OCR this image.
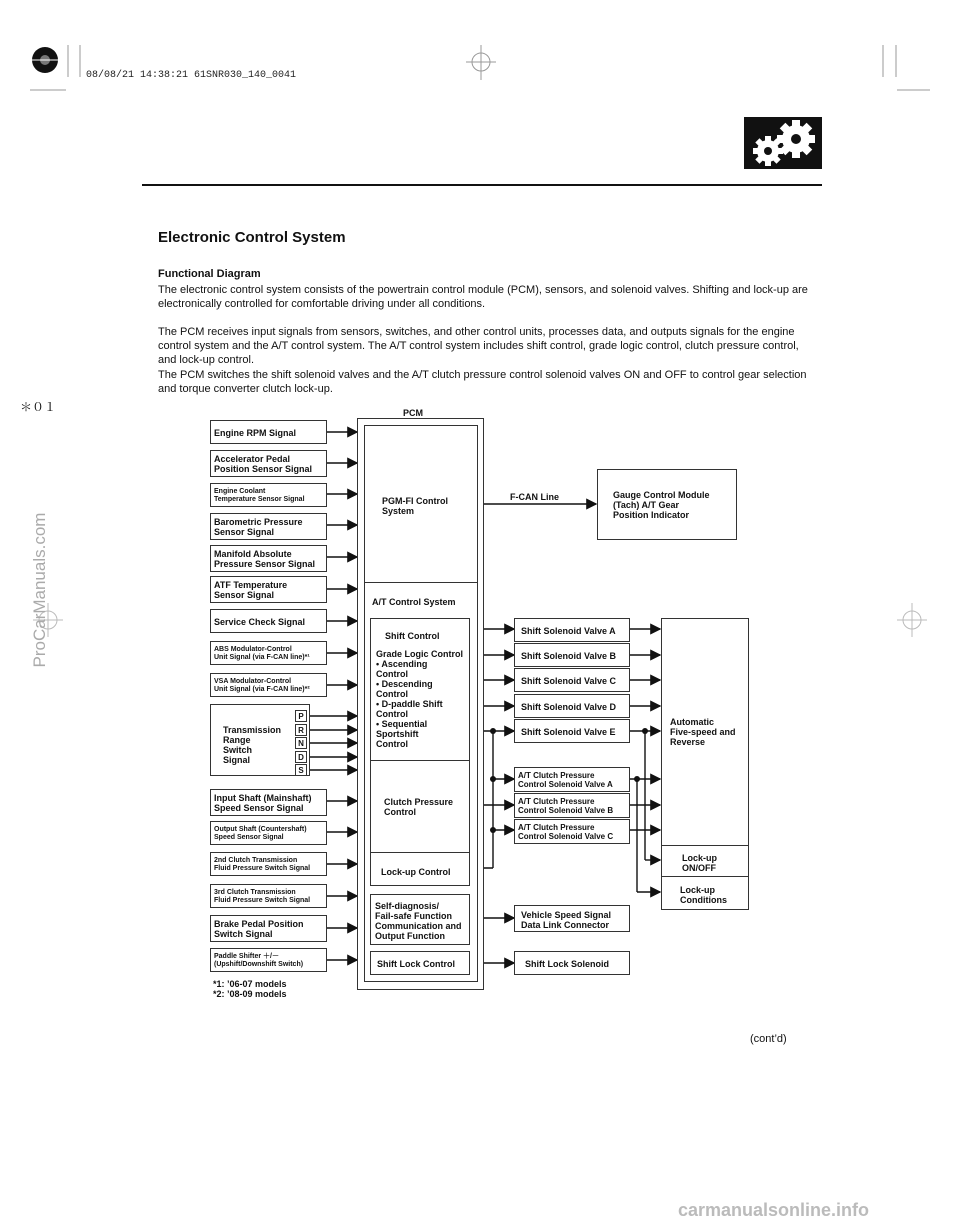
08/08/21 14:38:21 61SNR030_140_0041
＊０１
Electronic Control System
Functional Diagram

The electronic control system consists of the powertrain control module (PCM), sensors, and solenoid valves. Shifting and lock-up are electronically controlled for comfortable driving under all conditions.

The PCM receives input signals from sensors, switches, and other control units, processes data, and outputs signals for the engine control system and the A/T control system. The A/T control system includes shift control, grade logic control, clutch pressure control, and lock-up control.

The PCM switches the shift solenoid valves and the A/T clutch pressure control solenoid valves ON and OFF to control gear selection and torque converter clutch lock-up.

Engine RPM Signal
Accelerator Pedal
Position Sensor Signal
Engine Coolant
Temperature Sensor Signal
Barometric Pressure
Sensor Signal
Manifold Absolute
Pressure Sensor Signal
ATF Temperature
Sensor Signal
Service Check Signal
ABS Modulator-Control
Unit Signal (via F-CAN line)*¹
VSA Modulator-Control
Unit Signal (via F-CAN line)*²
Transmission
Range
Switch
Signal
P
R
N
D
S
Input Shaft (Mainshaft)
Speed Sensor Signal
Output Shaft (Countershaft)
Speed Sensor Signal
2nd Clutch Transmission
Fluid Pressure Switch Signal
3rd Clutch Transmission
Fluid Pressure Switch Signal
Brake Pedal Position
Switch Signal
Paddle Shifter ＋/－
(Upshift/Downshift Switch)
*1: ’06-07 models
*2: ’08-09 models
PCM
PGM-FI Control
System
A/T Control System
Shift Control
Grade Logic Control
• Ascending
Control
• Descending
Control
• D-paddle Shift
Control
• Sequential
Sportshift
Control
Clutch Pressure
Control
Lock-up Control
Self-diagnosis/
Fail-safe Function
Communication and
Output Function
Shift Lock Control
F-CAN Line	Gauge Control Module
(Tach) A/T Gear
Position Indicator
Shift Solenoid Valve A
Shift Solenoid Valve B
Shift Solenoid Valve C
Shift Solenoid Valve D
Shift Solenoid Valve E
A/T Clutch Pressure
Control Solenoid Valve A
A/T Clutch Pressure
Control Solenoid Valve B
A/T Clutch Pressure
Control Solenoid Valve C
Vehicle Speed Signal
Data Link Connector
Shift Lock Solenoid
Automatic
Five-speed and
Reverse
Lock-up
ON/OFF
Lock-up
Conditions
(cont’d)
ProCarManuals.com
carmanualsonline.info
